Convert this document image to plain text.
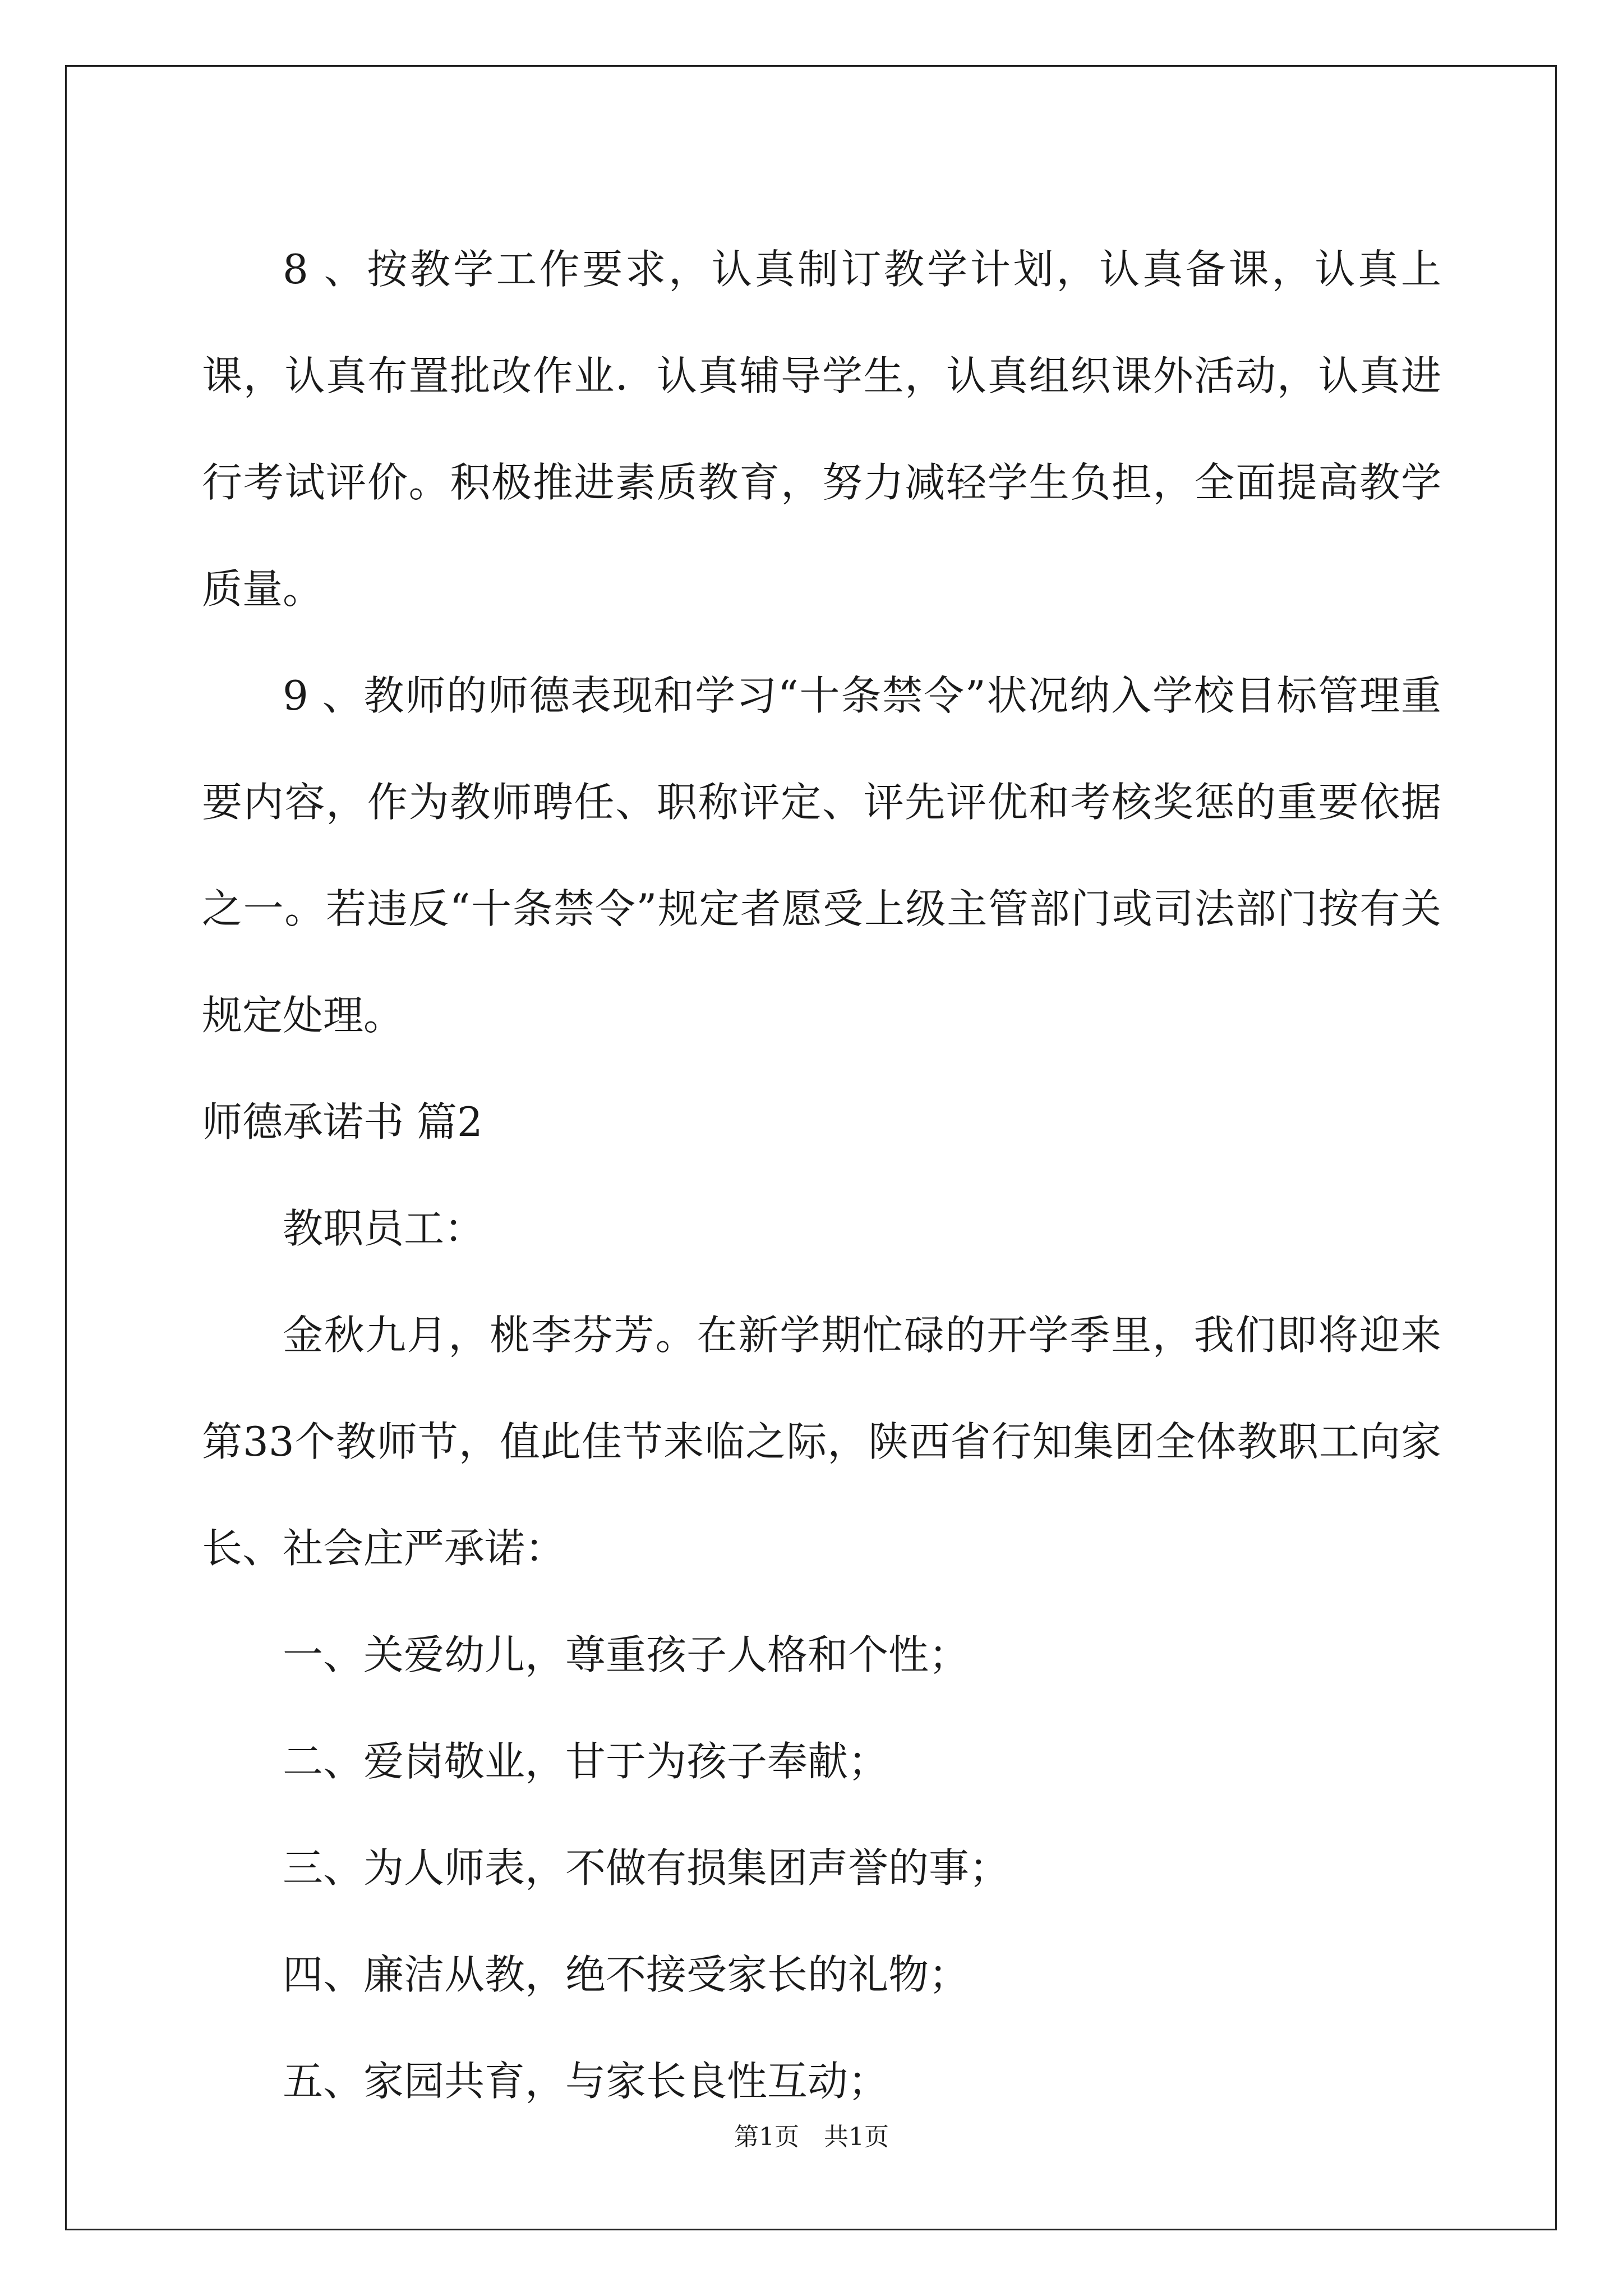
8 、按教学工作要求，认真制订教学计划，认真备课，认真上课，认真布置批改作业．认真辅导学生，认真组织课外活动，认真进行考试评价。积极推进素质教育，努力减轻学生负担，全面提高教学质量。

9 、教师的师德表现和学习“十条禁令”状况纳入学校目标管理重要内容，作为教师聘任、职称评定、评先评优和考核奖惩的重要依据之一。若违反“十条禁令”规定者愿受上级主管部门或司法部门按有关规定处理。

师德承诺书 篇2

教职员工：

金秋九月，桃李芬芳。在新学期忙碌的开学季里，我们即将迎来第33个教师节，值此佳节来临之际，陕西省行知集团全体教职工向家长、社会庄严承诺：

一、关爱幼儿，尊重孩子人格和个性；

二、爱岗敬业，甘于为孩子奉献；

三、为人师表，不做有损集团声誉的事；

四、廉洁从教，绝不接受家长的礼物；

五、家园共育，与家长良性互动；

第1页　共1页
